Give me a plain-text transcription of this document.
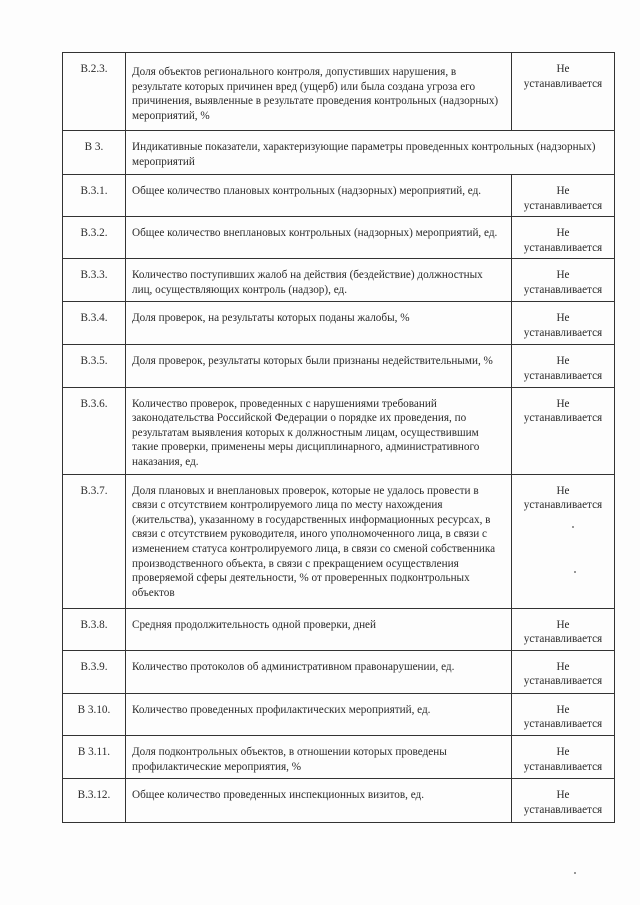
B.2.3.	Доля объектов регионального контроля, допустивших нарушения, в результате которых причинен вред (ущерб) или была создана угроза его причинения, выявленные в результате проведения контрольных (надзорных) мероприятий, %	Не
устанавливается

В 3.	Индикативные показатели, характеризующие параметры проведенных контрольных (надзорных) мероприятий	
В.3.1.	Общее количество плановых контрольных (надзорных) мероприятий, ед.	Не
устанавливается

В.3.2.	Общее количество внеплановых контрольных (надзорных) мероприятий, ед.	Не
устанавливается

В.3.3.	Количество поступивших жалоб на действия (бездействие) должностных лиц, осуществляющих контроль (надзор), ед.	Не
устанавливается

В.3.4.	Доля проверок, на результаты которых поданы жалобы, %	Не
устанавливается

В.3.5.	Доля проверок, результаты которых были признаны недействительными, %	Не
устанавливается

В.3.6.	Количество проверок, проведенных с нарушениями требований законодательства Российской Федерации о порядке их проведения, по результатам выявления которых к должностным лицам, осуществившим такие проверки, применены меры дисциплинарного, административного наказания, ед.	Не
устанавливается

В.3.7.	Доля плановых и внеплановых проверок, которые не удалось провести в связи с отсутствием контролируемого лица по месту нахождения (жительства), указанному в государственных информационных ресурсах, в связи с отсутствием руководителя, иного уполномоченного лица, в связи с изменением статуса контролируемого лица, в связи со сменой собственника производственного объекта, в связи с прекращением осуществления проверяемой сферы деятельности, % от проверенных подконтрольных объектов	Не
устанавливается

В.3.8.	Средняя продолжительность одной проверки, дней	Не
устанавливается

В.3.9.	Количество протоколов об административном правонарушении, ед.	Не
устанавливается

В 3.10.	Количество проведенных профилактических мероприятий, ед.	Не
устанавливается

В 3.11.	Доля подконтрольных объектов, в отношении которых проведены профилактические мероприятия, %	Не
устанавливается

В.3.12.	Общее количество проведенных инспекционных визитов, ед.	Не
устанавливается
